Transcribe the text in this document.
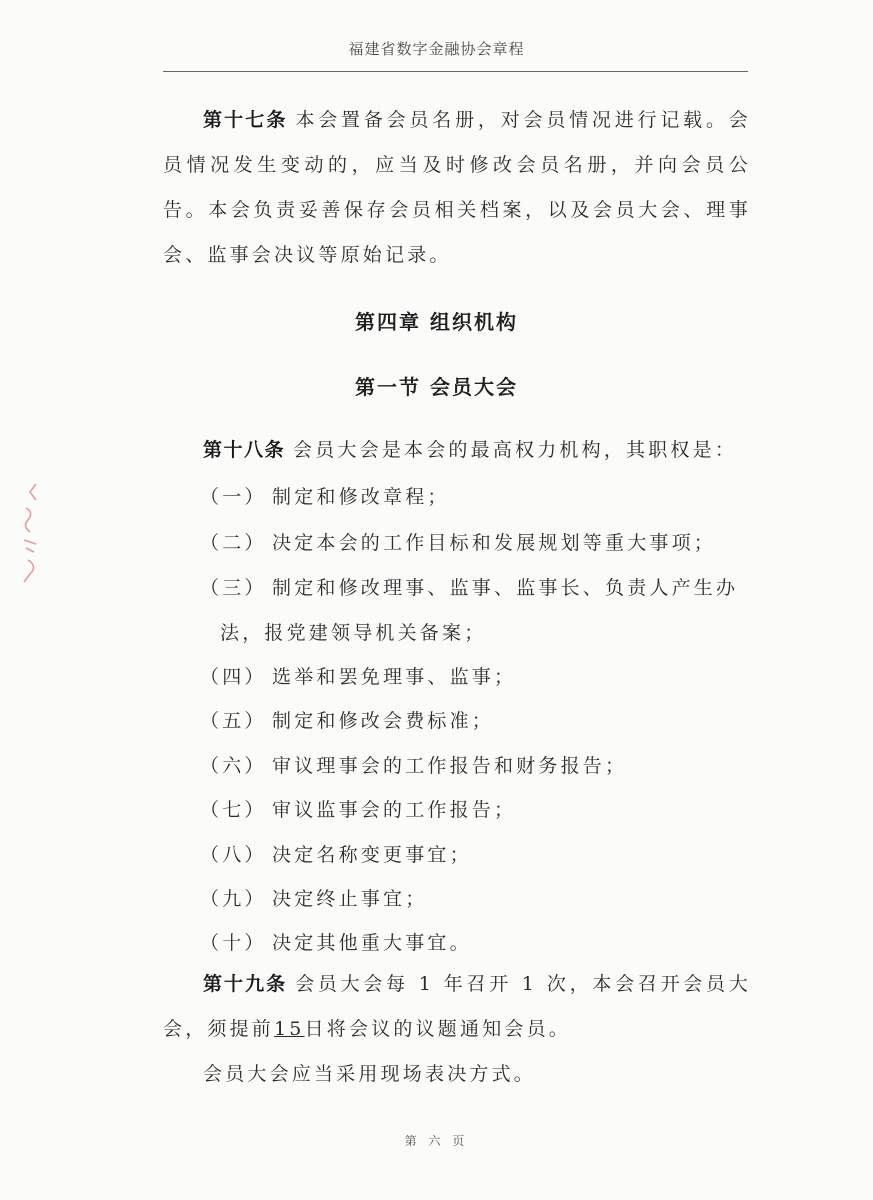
福建省数字金融协会章程

第十七条 本会置备会员名册，对会员情况进行记载。会员情况发生变动的，应当及时修改会员名册，并向会员公告。本会负责妥善保存会员相关档案，以及会员大会、理事会、监事会决议等原始记录。

第四章 组织机构
第一节 会员大会

第十八条 会员大会是本会的最高权力机构，其职权是：

（一） 制定和修改章程；
（二） 决定本会的工作目标和发展规划等重大事项；
（三） 制定和修改理事、监事、监事长、负责人产生办
法，报党建领导机关备案；
（四） 选举和罢免理事、监事；
（五） 制定和修改会费标准；
（六） 审议理事会的工作报告和财务报告；
（七） 审议监事会的工作报告；
（八） 决定名称变更事宜；
（九） 决定终止事宜；
（十） 决定其他重大事宜。

第十九条 会员大会每 1 年召开 1 次，本会召开会员大会，须提前15日将会议的议题通知会员。

会员大会应当采用现场表决方式。

第 六 页
